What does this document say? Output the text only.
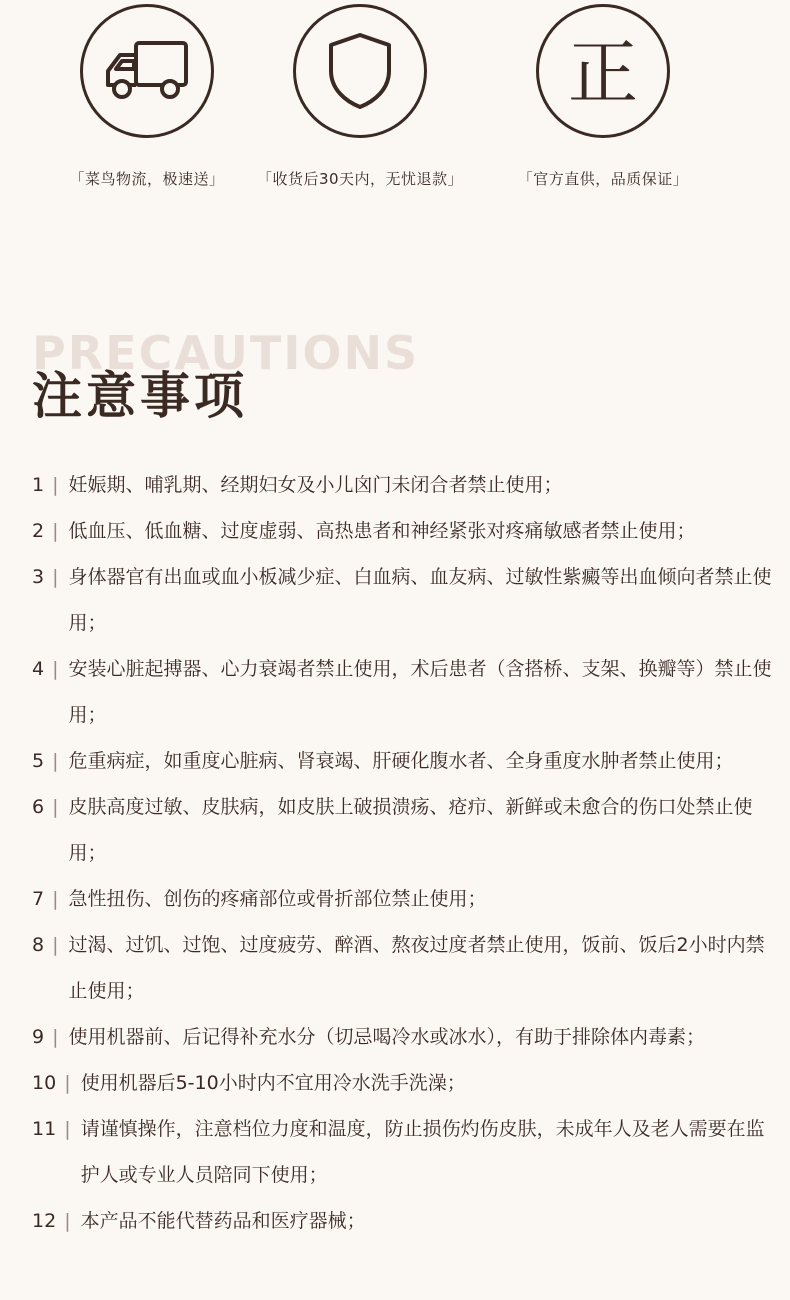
「菜鸟物流，极速送」	「收货后30天内，无忧退款」
正
「官方直供，品质保证」
PRECAUTIONS
注意事项
1 | 妊娠期、哺乳期、经期妇女及小儿囟门未闭合者禁止使用；
2 | 低血压、低血糖、过度虚弱、高热患者和神经紧张对疼痛敏感者禁止使用；
3 | 身体器官有出血或血小板减少症、白血病、血友病、过敏性紫癜等出血倾向者禁止使用；
4 | 安装心脏起搏器、心力衰竭者禁止使用，术后患者（含搭桥、支架、换瓣等）禁止使用；
5 | 危重病症，如重度心脏病、肾衰竭、肝硬化腹水者、全身重度水肿者禁止使用；
6 | 皮肤高度过敏、皮肤病，如皮肤上破损溃疡、疮疖、新鲜或未愈合的伤口处禁止使用；
7 | 急性扭伤、创伤的疼痛部位或骨折部位禁止使用；
8 | 过渴、过饥、过饱、过度疲劳、醉酒、熬夜过度者禁止使用，饭前、饭后2小时内禁止使用；
9 | 使用机器前、后记得补充水分（切忌喝冷水或冰水），有助于排除体内毒素；
10 | 使用机器后5-10小时内不宜用冷水洗手洗澡；
11 | 请谨慎操作，注意档位力度和温度，防止损伤灼伤皮肤，未成年人及老人需要在监护人或专业人员陪同下使用；
12 | 本产品不能代替药品和医疗器械；
